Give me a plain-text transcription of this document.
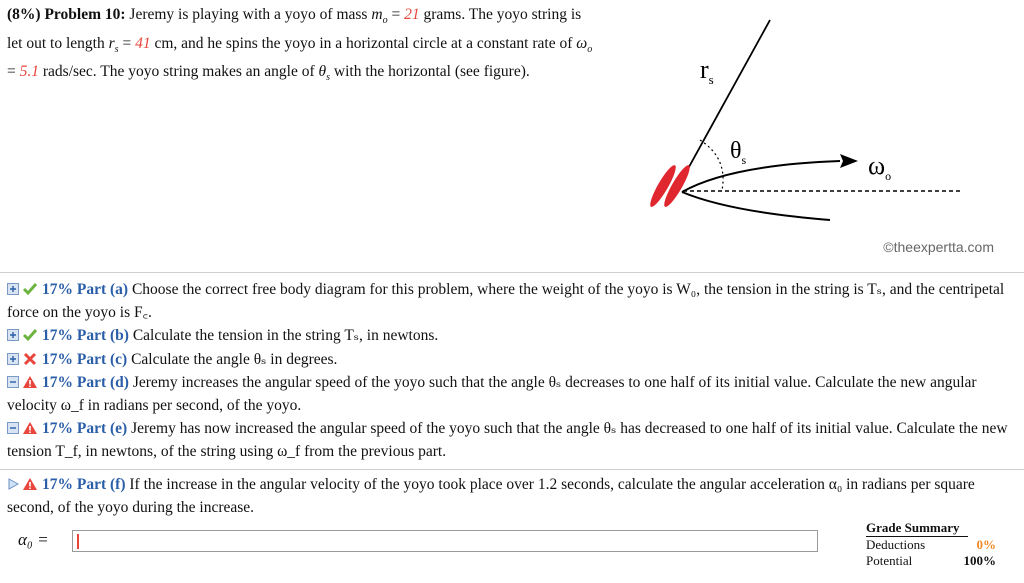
(8%) Problem 10: Jeremy is playing with a yoyo of mass $m_o = 21$ grams. The yoyo string is let out to length $r_s = 41$ cm, and he spins the yoyo in a horizontal circle at a constant rate of $\omega_o = 5.1$ rads/sec. The yoyo string makes an angle of $\theta_s$ with the horizontal (see figure).	$r_s$
$\theta_s$	$\omega_o$
©theexpertta.com
17% Part (a) Choose the correct free body diagram for this problem, where the weight of the yoyo is W₀, the tension in the string is Tₛ, and the centripetal force on the yoyo is F꜀.
17% Part (b) Calculate the tension in the string Tₛ, in newtons.
17% Part (c) Calculate the angle θₛ in degrees.
17% Part (d) Jeremy increases the angular speed of the yoyo such that the angle θₛ decreases to one half of its initial value. Calculate the new angular velocity ω_f in radians per second, of the yoyo.
17% Part (e) Jeremy has now increased the angular speed of the yoyo such that the angle θₛ has decreased to one half of its initial value. Calculate the new tension T_f, in newtons, of the string using ω_f from the previous part.
17% Part (f) If the increase in the angular velocity of the yoyo took place over 1.2 seconds, calculate the angular acceleration α₀ in radians per square second, of the yoyo during the increase.
α₀ =
Grade Summary
Deductions	0%
Potential	100%
